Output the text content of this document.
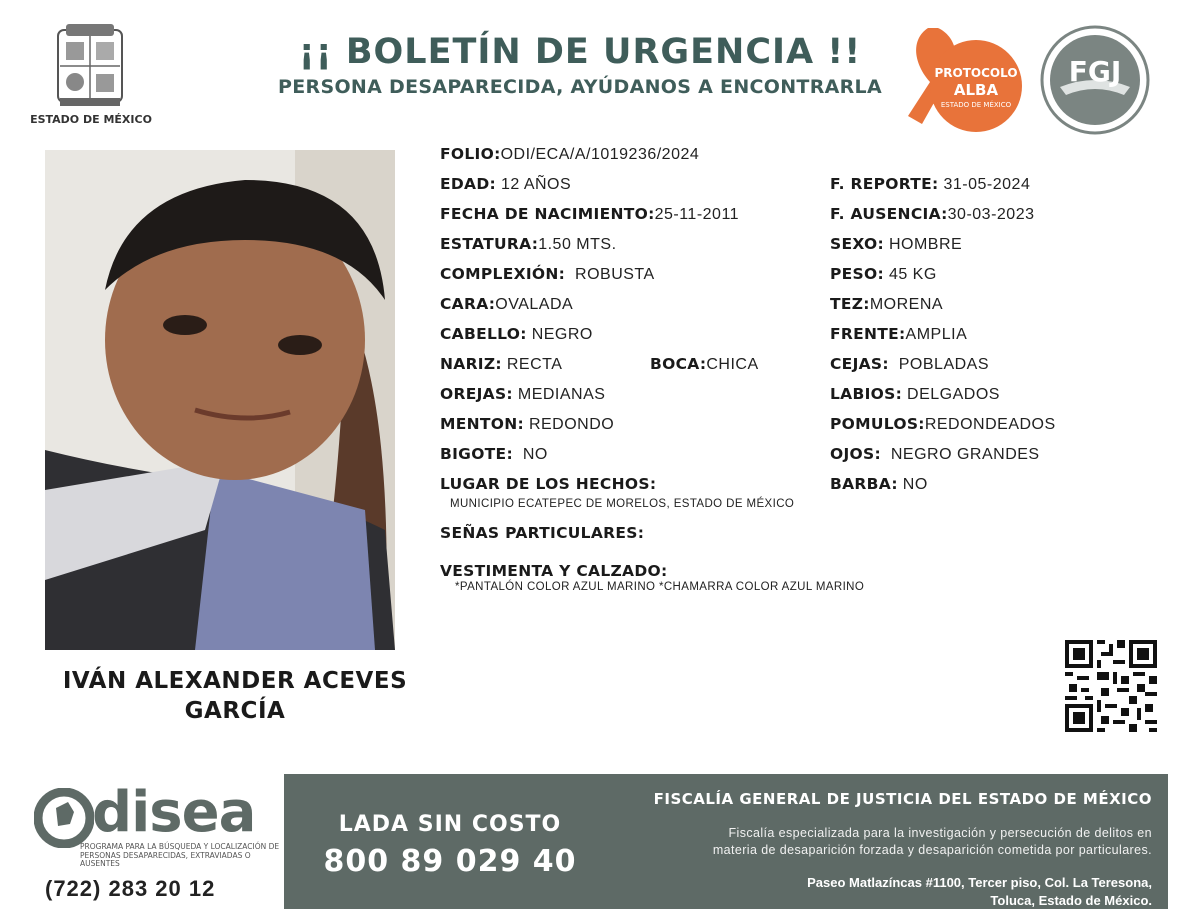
ESTADO DE MÉXICO
¡¡ BOLETÍN DE URGENCIA !!
PERSONA DESAPARECIDA, AYÚDANOS A ENCONTRARLA
PROTOCOLO
ALBA
ESTADO DE MÉXICO
FGJ
IVÁN ALEXANDER ACEVES
GARCÍA
FOLIO:ODI/ECA/A/1019236/2024
EDAD: 12 AÑOS
FECHA DE NACIMIENTO:25-11-2011
ESTATURA:1.50 MTS.
COMPLEXIÓN: ROBUSTA
CARA:OVALADA
CABELLO: NEGRO
NARIZ: RECTA	BOCA:CHICA
OREJAS: MEDIANAS
MENTON: REDONDO
BIGOTE: NO
LUGAR DE LOS HECHOS:
MUNICIPIO ECATEPEC DE MORELOS, ESTADO DE MÉXICO
SEÑAS PARTICULARES:
VESTIMENTA Y CALZADO:
*PANTALÓN COLOR AZUL MARINO *CHAMARRA COLOR AZUL MARINO
F. REPORTE: 31-05-2024
F. AUSENCIA:30-03-2023
SEXO: HOMBRE
PESO: 45 KG
TEZ:MORENA
FRENTE:AMPLIA
CEJAS: POBLADAS
LABIOS: DELGADOS
POMULOS:REDONDEADOS
OJOS: NEGRO GRANDES
BARBA: NO
disea
PROGRAMA PARA LA BÚSQUEDA Y LOCALIZACIÓN DE PERSONAS DESAPARECIDAS, EXTRAVIADAS O AUSENTES
(722) 283 20 12
LADA SIN COSTO
800 89 029 40
FISCALÍA GENERAL DE JUSTICIA DEL ESTADO DE MÉXICO
Fiscalía especializada para la investigación y persecución de delitos en
materia de desaparición forzada y desaparición cometida por particulares.
Paseo Matlazíncas #1100, Tercer piso, Col. La Teresona,
Toluca, Estado de México.
